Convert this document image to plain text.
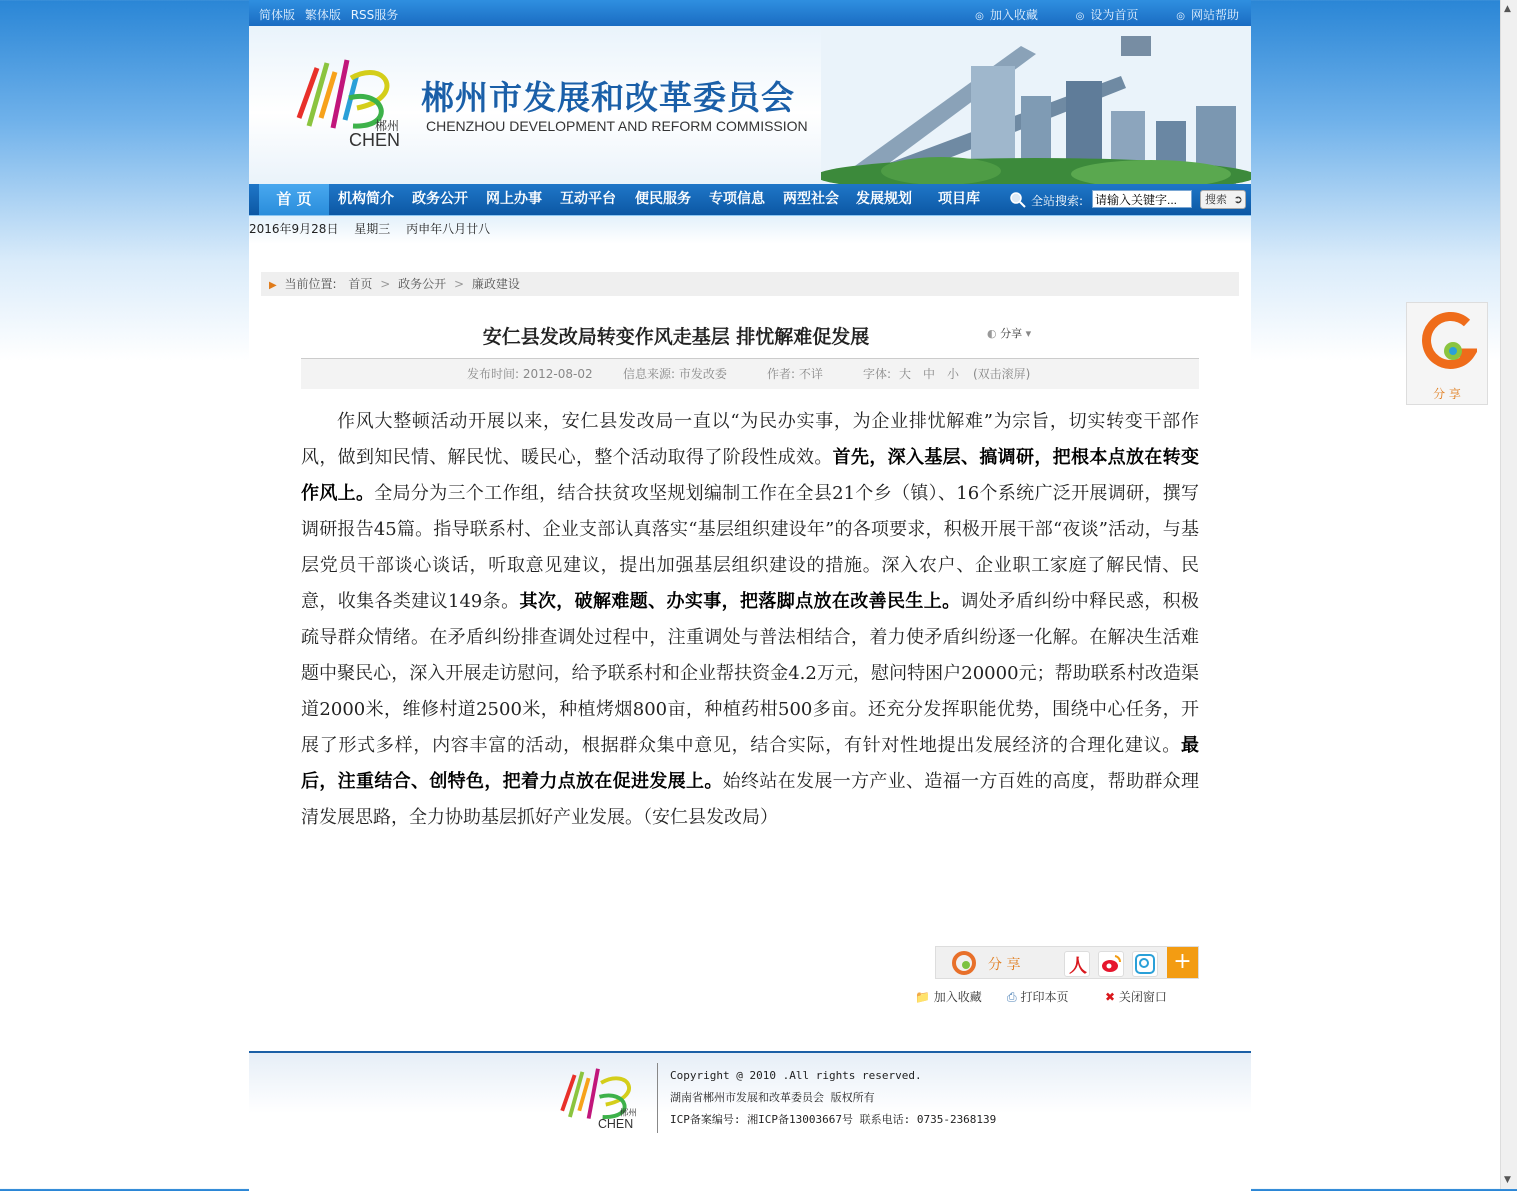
简体版 繁体版 RSS服务	◎ 加入收藏	◎ 设为首页	◎ 网站帮助
郴州
CHEN
郴州市发展和改革委员会
CHENZHOU DEVELOPMENT AND REFORM COMMISSION
首 页	机构简介 政务公开 网上办事 互动平台 便民服务 专项信息 两型社会 发展规划 项目库	全站搜索:
请输入关键字...	搜索 ➲
2016年9月28日 星期三 丙申年八月廿八
▶ 当前位置: 首页 > 政务公开 > 廉政建设
安仁县发改局转变作风走基层 排忧解难促发展	◐ 分享 ▾
发布时间: 2012-08-02	信息来源: 市发改委	作者: 不详	字体: 大 中 小 (双击滚屏)
作风大整顿活动开展以来，安仁县发改局一直以“为民办实事，为企业排忧解难”为宗旨，切实转变干部作风，做到知民情、解民忧、暖民心，整个活动取得了阶段性成效。首先，深入基层、搞调研，把根本点放在转变作风上。全局分为三个工作组，结合扶贫攻坚规划编制工作在全县21个乡（镇）、16个系统广泛开展调研，撰写调研报告45篇。指导联系村、企业支部认真落实“基层组织建设年”的各项要求，积极开展干部“夜谈”活动，与基层党员干部谈心谈话，听取意见建议，提出加强基层组织建设的措施。深入农户、企业职工家庭了解民情、民意，收集各类建议149条。其次，破解难题、办实事，把落脚点放在改善民生上。调处矛盾纠纷中释民惑，积极疏导群众情绪。在矛盾纠纷排查调处过程中，注重调处与普法相结合，着力使矛盾纠纷逐一化解。在解决生活难题中聚民心，深入开展走访慰问，给予联系村和企业帮扶资金4.2万元，慰问特困户20000元；帮助联系村改造渠道2000米，维修村道2500米，种植烤烟800亩，种植药柑500多亩。还充分发挥职能优势，围绕中心任务，开展了形式多样，内容丰富的活动，根据群众集中意见，结合实际，有针对性地提出发展经济的合理化建议。最后，注重结合、创特色，把着力点放在促进发展上。始终站在发展一方产业、造福一方百姓的高度，帮助群众理清发展思路，全力协助基层抓好产业发展。（安仁县发改局）
分 享	人	+
📁 加入收藏 ⎙ 打印本页	✖ 关闭窗口
郴州
CHEN
Copyright @ 2010 .All rights reserved.
湖南省郴州市发展和改革委员会 版权所有
ICP备案编号: 湘ICP备13003667号 联系电话: 0735-2368139
分 享
▲
▼
